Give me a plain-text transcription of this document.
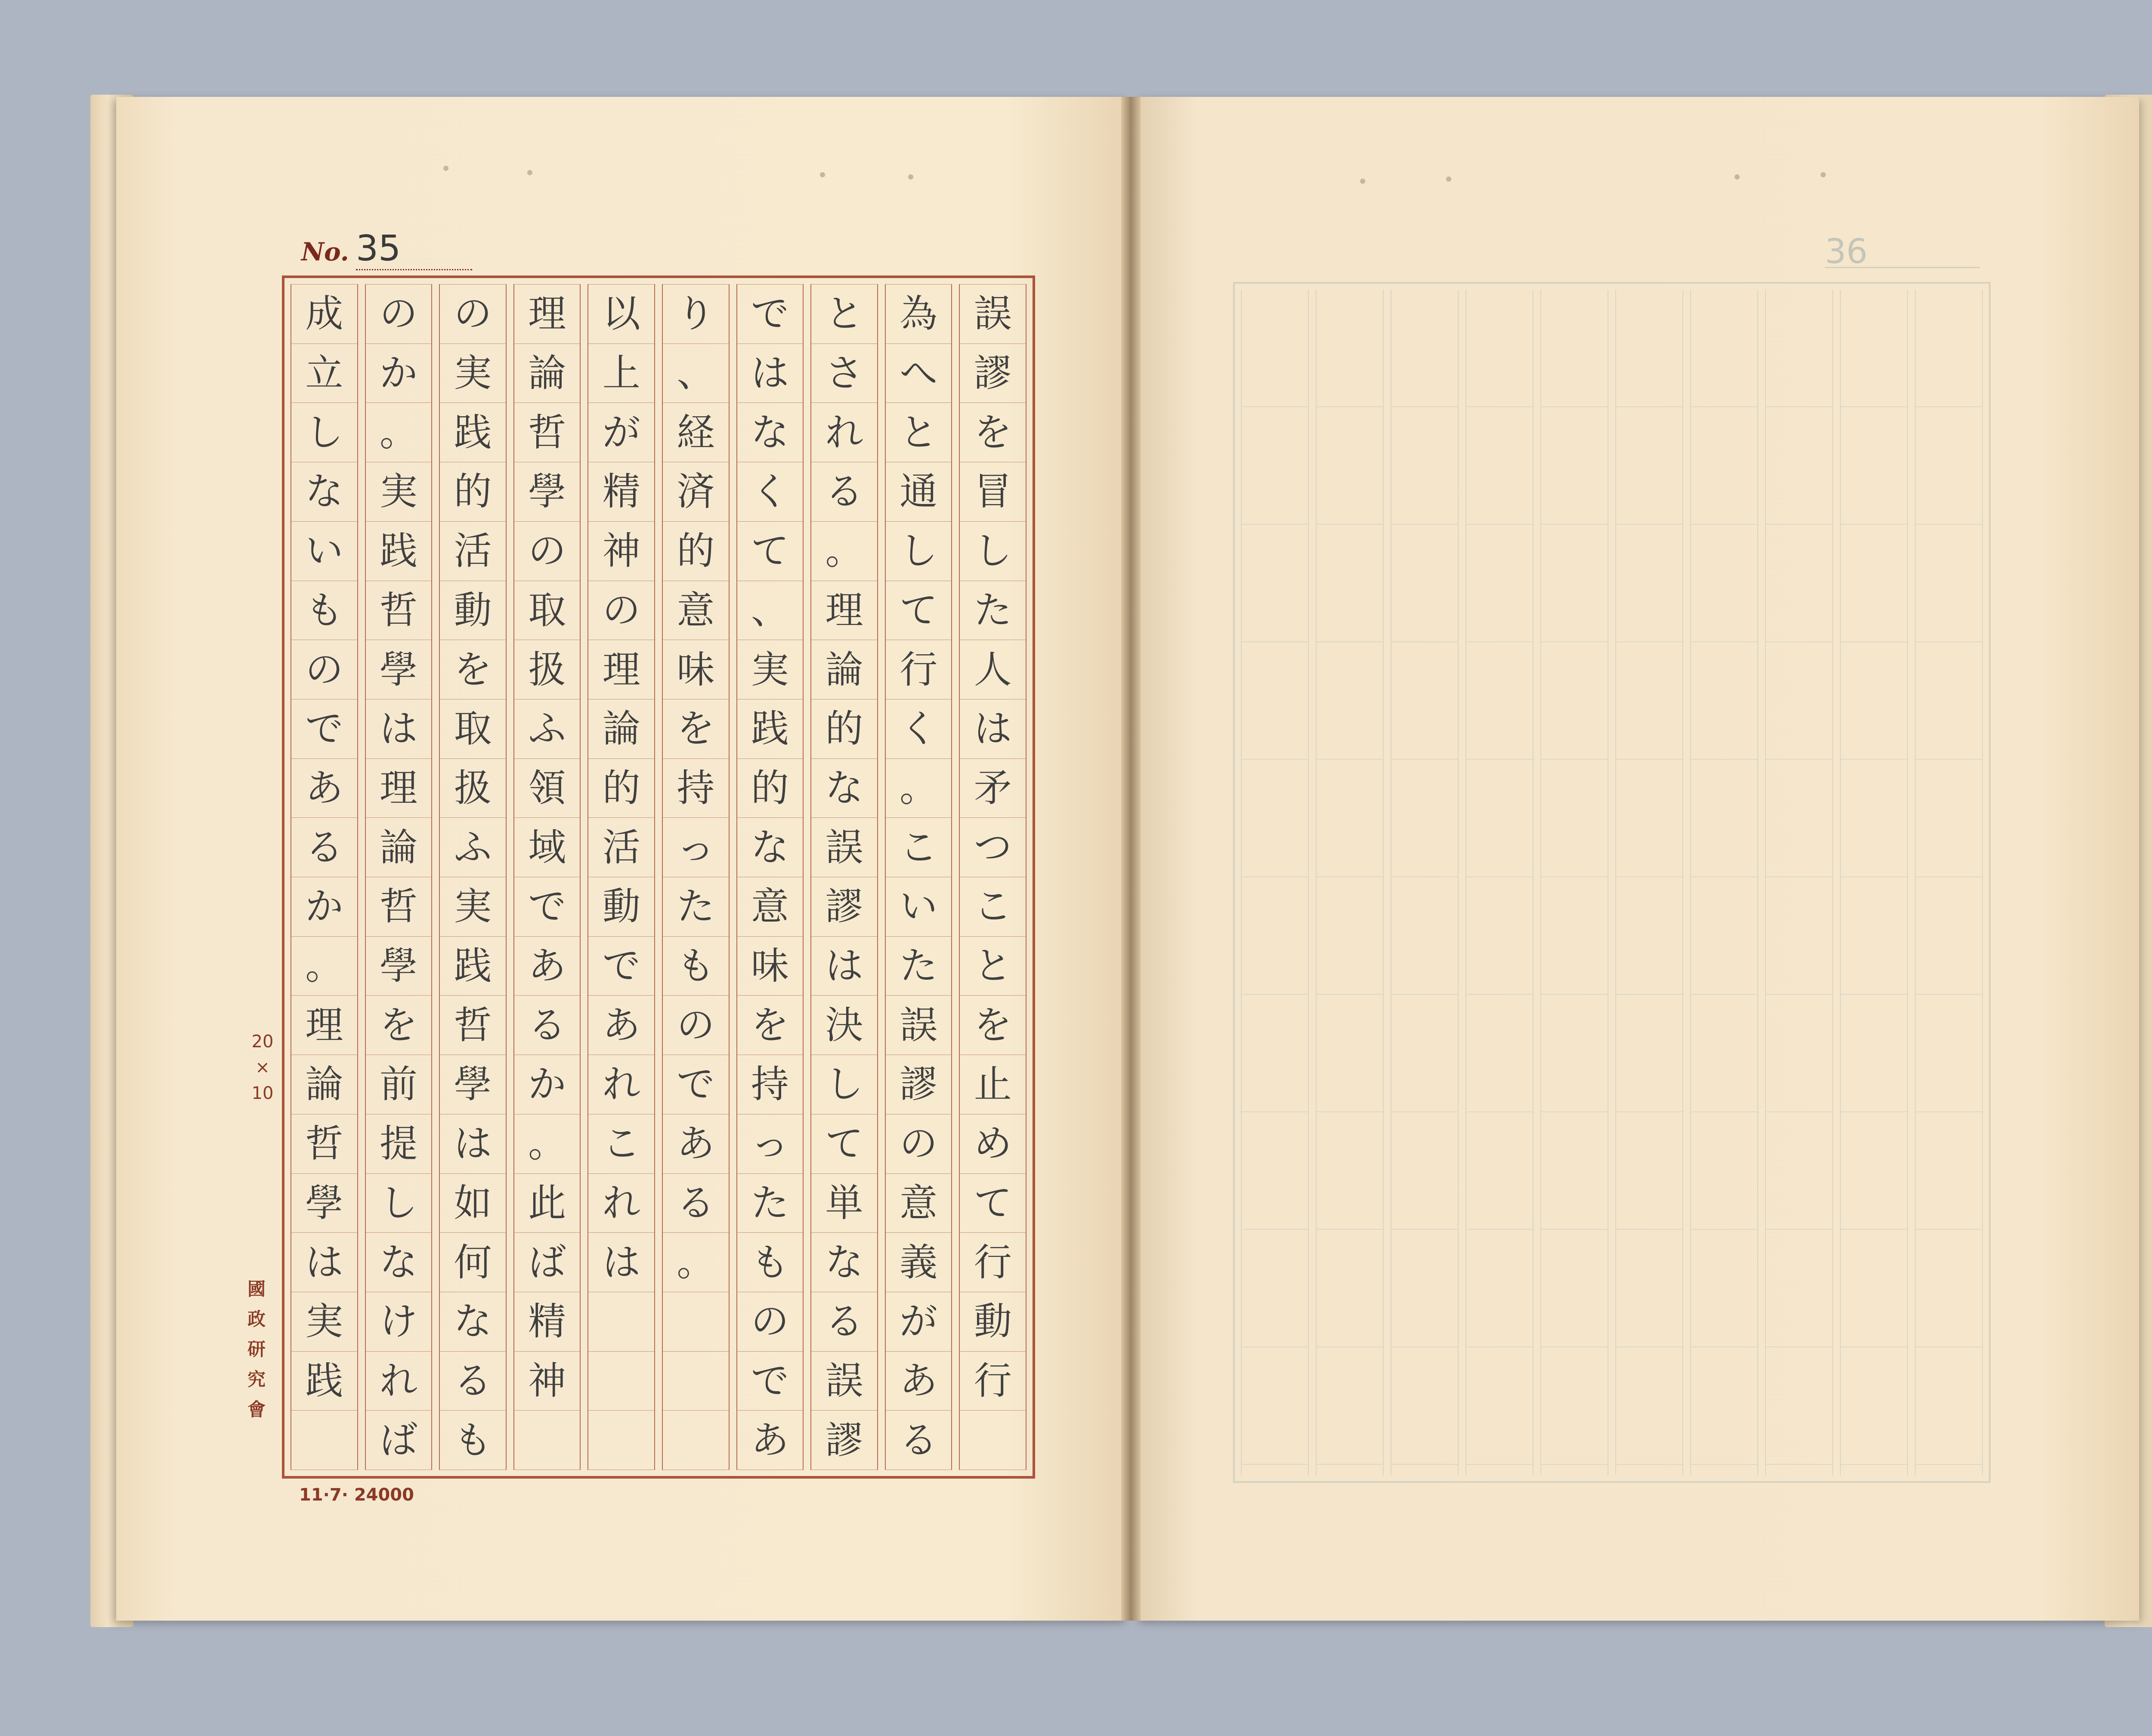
No. 35
誤
謬
を
冒
し
た
人
は
矛
つ
こ
と
を
止
め
て
行
動
行
為
へ
と
通
し
て
行
く
。
こ
い
た
誤
謬
の
意
義
が
あ
る
と
さ
れ
る
。
理
論
的
な
誤
謬
は
決
し
て
単
な
る
誤
謬
で
は
な
く
て
、
実
践
的
な
意
味
を
持
っ
た
も
の
で
あ
り
、
経
済
的
意
味
を
持
っ
た
も
の
で
あ
る
。
以
上
が
精
神
の
理
論
的
活
動
で
あ
れ
こ
れ
は
理
論
哲
學
の
取
扱
ふ
領
域
で
あ
る
か
。
此
ば
精
神
の
実
践
的
活
動
を
取
扱
ふ
実
践
哲
學
は
如
何
な
る
も
の
か
。
実
践
哲
學
は
理
論
哲
學
を
前
提
し
な
け
れ
ば
成
立
し
な
い
も
の
で
あ
る
か
。
理
論
哲
學
は
実
践
20 × 10
國政研究會
11·7· 24000
36
